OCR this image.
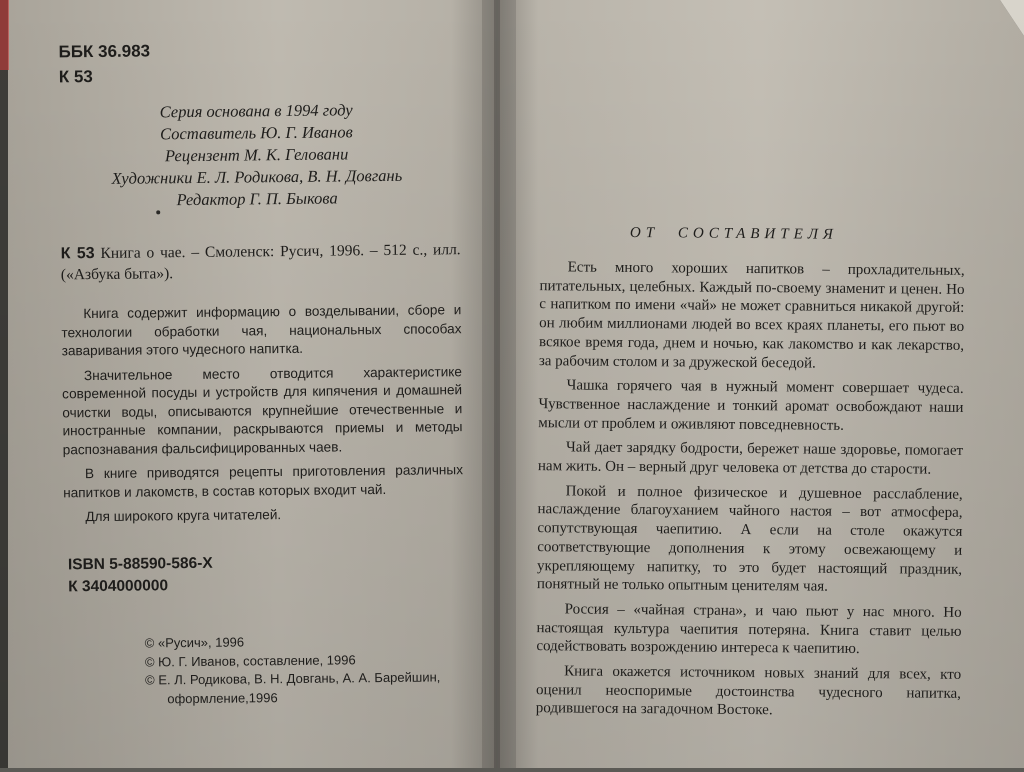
ББК 36.983
К 53
Серия основана в 1994 году
Составитель Ю. Г. Иванов
Рецензент М. К. Геловани
Художники Е. Л. Родикова, В. Н. Довгань
Редактор Г. П. Быкова
К 53 Книга о чае. – Смоленск: Русич, 1996. – 512 с., илл. («Азбука быта»).

Книга содержит информацию о возделывании, сборе и технологии обработки чая, национальных способах заваривания этого чудесного напитка.

Значительное место отводится характеристике современной посуды и устройств для кипячения и домашней очистки воды, описываются крупнейшие отечественные и иностранные компании, раскрываются приемы и методы распознавания фальсифицированных чаев.

В книге приводятся рецепты приготовления различных напитков и лакомств, в состав которых входит чай.

Для широкого круга читателей.

ISBN 5-88590-586-X
К 3404000000
© «Русич», 1996
© Ю. Г. Иванов, составление, 1996
© Е. Л. Родикова, В. Н. Довгань, А. А. Барейшин,
оформление,1996
ОТ СОСТАВИТЕЛЯ

Есть много хороших напитков – прохладительных, питательных, целебных. Каждый по-своему знаменит и ценен. Но с напитком по имени «чай» не может сравниться никакой другой: он любим миллионами людей во всех краях планеты, его пьют во всякое время года, днем и ночью, как лакомство и как лекарство, за рабочим столом и за дружеской беседой.

Чашка горячего чая в нужный момент совершает чудеса. Чувственное наслаждение и тонкий аромат освобождают наши мысли от проблем и оживляют повседневность.

Чай дает зарядку бодрости, бережет наше здоровье, помогает нам жить. Он – верный друг человека от детства до старости.

Покой и полное физическое и душевное расслабление, наслаждение благоуханием чайного настоя – вот атмосфера, сопутствующая чаепитию. А если на столе окажутся соответствующие дополнения к этому освежающему и укрепляющему напитку, то это будет настоящий праздник, понятный не только опытным ценителям чая.

Россия – «чайная страна», и чаю пьют у нас много. Но настоящая культура чаепития потеряна. Книга ставит целью содействовать возрождению интереса к чаепитию.

Книга окажется источником новых знаний для всех, кто оценил неоспоримые достоинства чудесного напитка, родившегося на загадочном Востоке.
